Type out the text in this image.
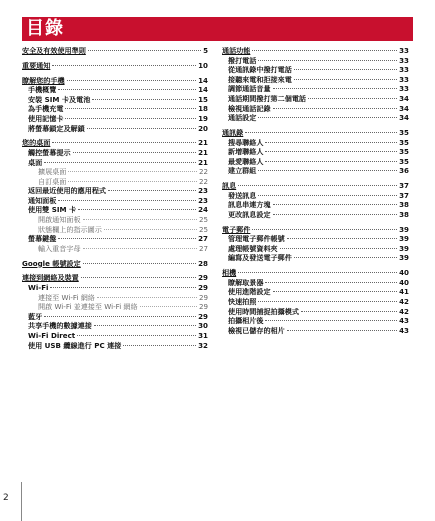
目錄
安全及有效使用準則	5
重要通知	10
瞭解您的手機	14
手機概覽	14
安裝 SIM 卡及電池	15
為手機充電	18
使用記憶卡	19
將螢幕鎖定及解鎖	20
您的桌面	21
觸控螢幕提示	21
桌面	21
擴展桌面	22
自訂桌面	22
返回最近使用的應用程式	23
通知面板	23
使用雙 SIM 卡	24
開啟通知面板	25
狀態欄上的指示圖示	25
螢幕鍵盤	27
輸入重音字母	27
Google 帳號設定	28
連接到網絡及裝置	29
Wi-Fi	29
連接至 Wi-Fi 網絡	29
開啟 Wi-Fi 並連接至 Wi-Fi 網絡	29
藍牙	29
共享手機的數據連接	30
Wi-Fi Direct	31
使用 USB 纜線進行 PC 連接	32
通話功能	33
撥打電話	33
從通訊錄中撥打電話	33
接聽來電和拒接來電	33
調節通話音量	33
通話期間撥打第二個電話	34
檢視通話記錄	34
通話設定	34
通訊錄	35
搜尋聯絡人	35
新增聯絡人	35
最愛聯絡人	35
建立群組	36
訊息	37
發送訊息	37
訊息串連方塊	38
更改訊息設定	38
電子郵件	39
管理電子郵件帳號	39
處理帳號資料夾	39
編寫及發送電子郵件	39
相機	40
瞭解取景器	40
使用進階設定	41
快速拍照	42
使用時間捕捉拍攝模式	42
拍攝相片後	43
檢視已儲存的相片	43
2
